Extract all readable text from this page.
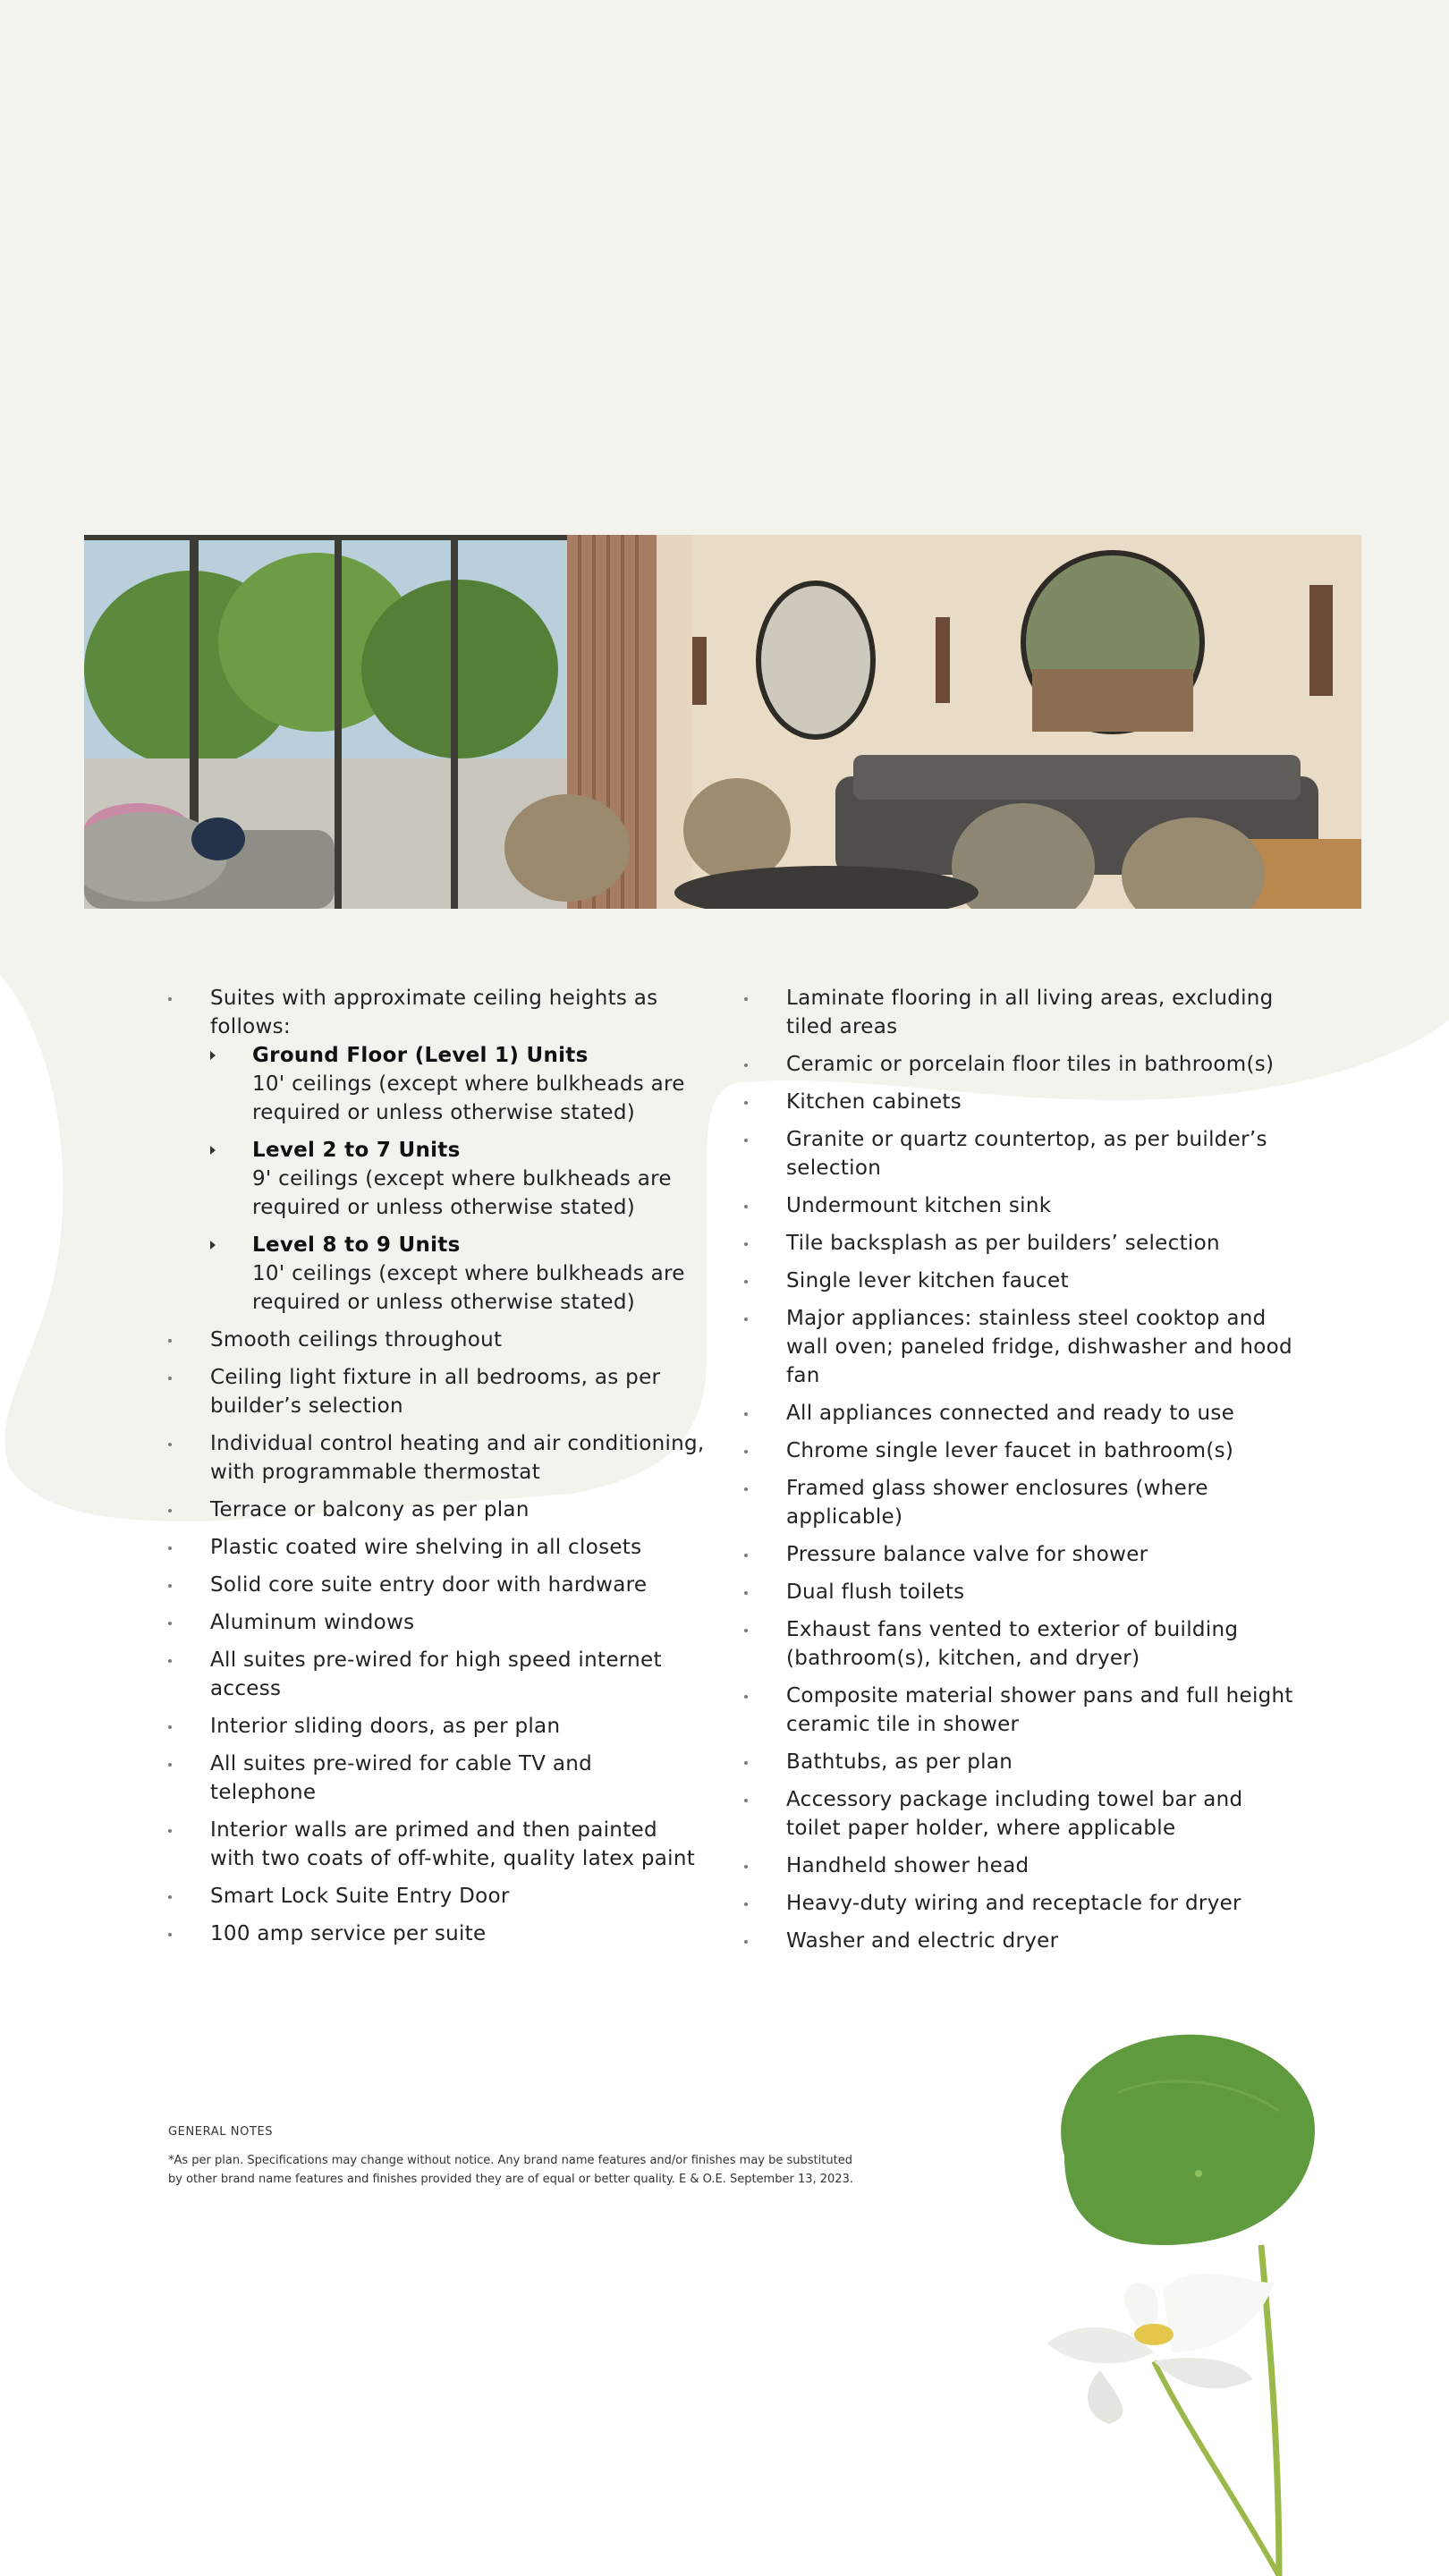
Suites with approximate ceiling heights as follows:
Ground Floor (Level 1) Units
10' ceilings (except where bulkheads are required or unless otherwise stated)
Level 2 to 7 Units
9' ceilings (except where bulkheads are required or unless otherwise stated)
Level 8 to 9 Units
10' ceilings (except where bulkheads are required or unless otherwise stated)
Smooth ceilings throughout
Ceiling light fixture in all bedrooms, as per builder’s selection
Individual control heating and air conditioning, with programmable thermostat
Terrace or balcony as per plan
Plastic coated wire shelving in all closets
Solid core suite entry door with hardware
Aluminum windows
All suites pre-wired for high speed internet access
Interior sliding doors, as per plan
All suites pre-wired for cable TV and telephone
Interior walls are primed and then painted with two coats of off-white, quality latex paint
Smart Lock Suite Entry Door
100 amp service per suite
Laminate flooring in all living areas, excluding tiled areas
Ceramic or porcelain floor tiles in bathroom(s)
Kitchen cabinets
Granite or quartz countertop, as per builder’s selection
Undermount kitchen sink
Tile backsplash as per builders’ selection
Single lever kitchen faucet
Major appliances: stainless steel cooktop and wall oven; paneled fridge, dishwasher and hood fan
All appliances connected and ready to use
Chrome single lever faucet in bathroom(s)
Framed glass shower enclosures (where applicable)
Pressure balance valve for shower
Dual flush toilets
Exhaust fans vented to exterior of building (bathroom(s), kitchen, and dryer)
Composite material shower pans and full height ceramic tile in shower
Bathtubs, as per plan
Accessory package including towel bar and toilet paper holder, where applicable
Handheld shower head
Heavy-duty wiring and receptacle for dryer
Washer and electric dryer
GENERAL NOTES
*As per plan. Specifications may change without notice. Any brand name features and/or finishes may be substituted by other brand name features and finishes provided they are of equal or better quality. E & O.E. September 13, 2023.
